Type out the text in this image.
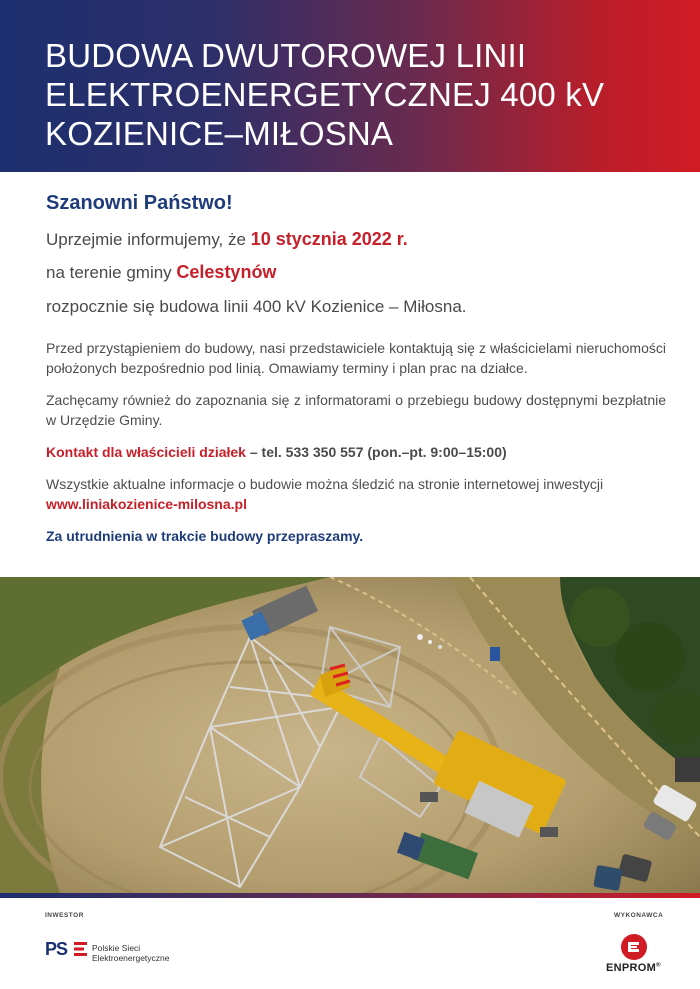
BUDOWA DWUTOROWEJ LINII
ELEKTROENERGETYCZNEJ 400 kV
KOZIENICE–MIŁOSNA
Szanowni Państwo!
Uprzejmie informujemy, że 10 stycznia 2022 r.
na terenie gminy Celestynów
rozpocznie się budowa linii 400 kV Kozienice – Miłosna.

Przed przystąpieniem do budowy, nasi przedstawiciele kontaktują się z właścicielami nieruchomości położonych bezpośrednio pod linią. Omawiamy terminy i plan prac na działce.

Zachęcamy również do zapoznania się z informatorami o przebiegu budowy dostępnymi bezpłatnie w Urzędzie Gminy.

Kontakt dla właścicieli działek – tel. 533 350 557 (pon.–pt. 9:00–15:00)

Wszystkie aktualne informacje o budowie można śledzić na stronie internetowej inwestycji

www.liniakozienice-milosna.pl

Za utrudnienia w trakcie budowy przepraszamy.

INWESTOR	WYKONAWCA
PS	Polskie Sieci
Elektroenergetyczne
ENPROM®
